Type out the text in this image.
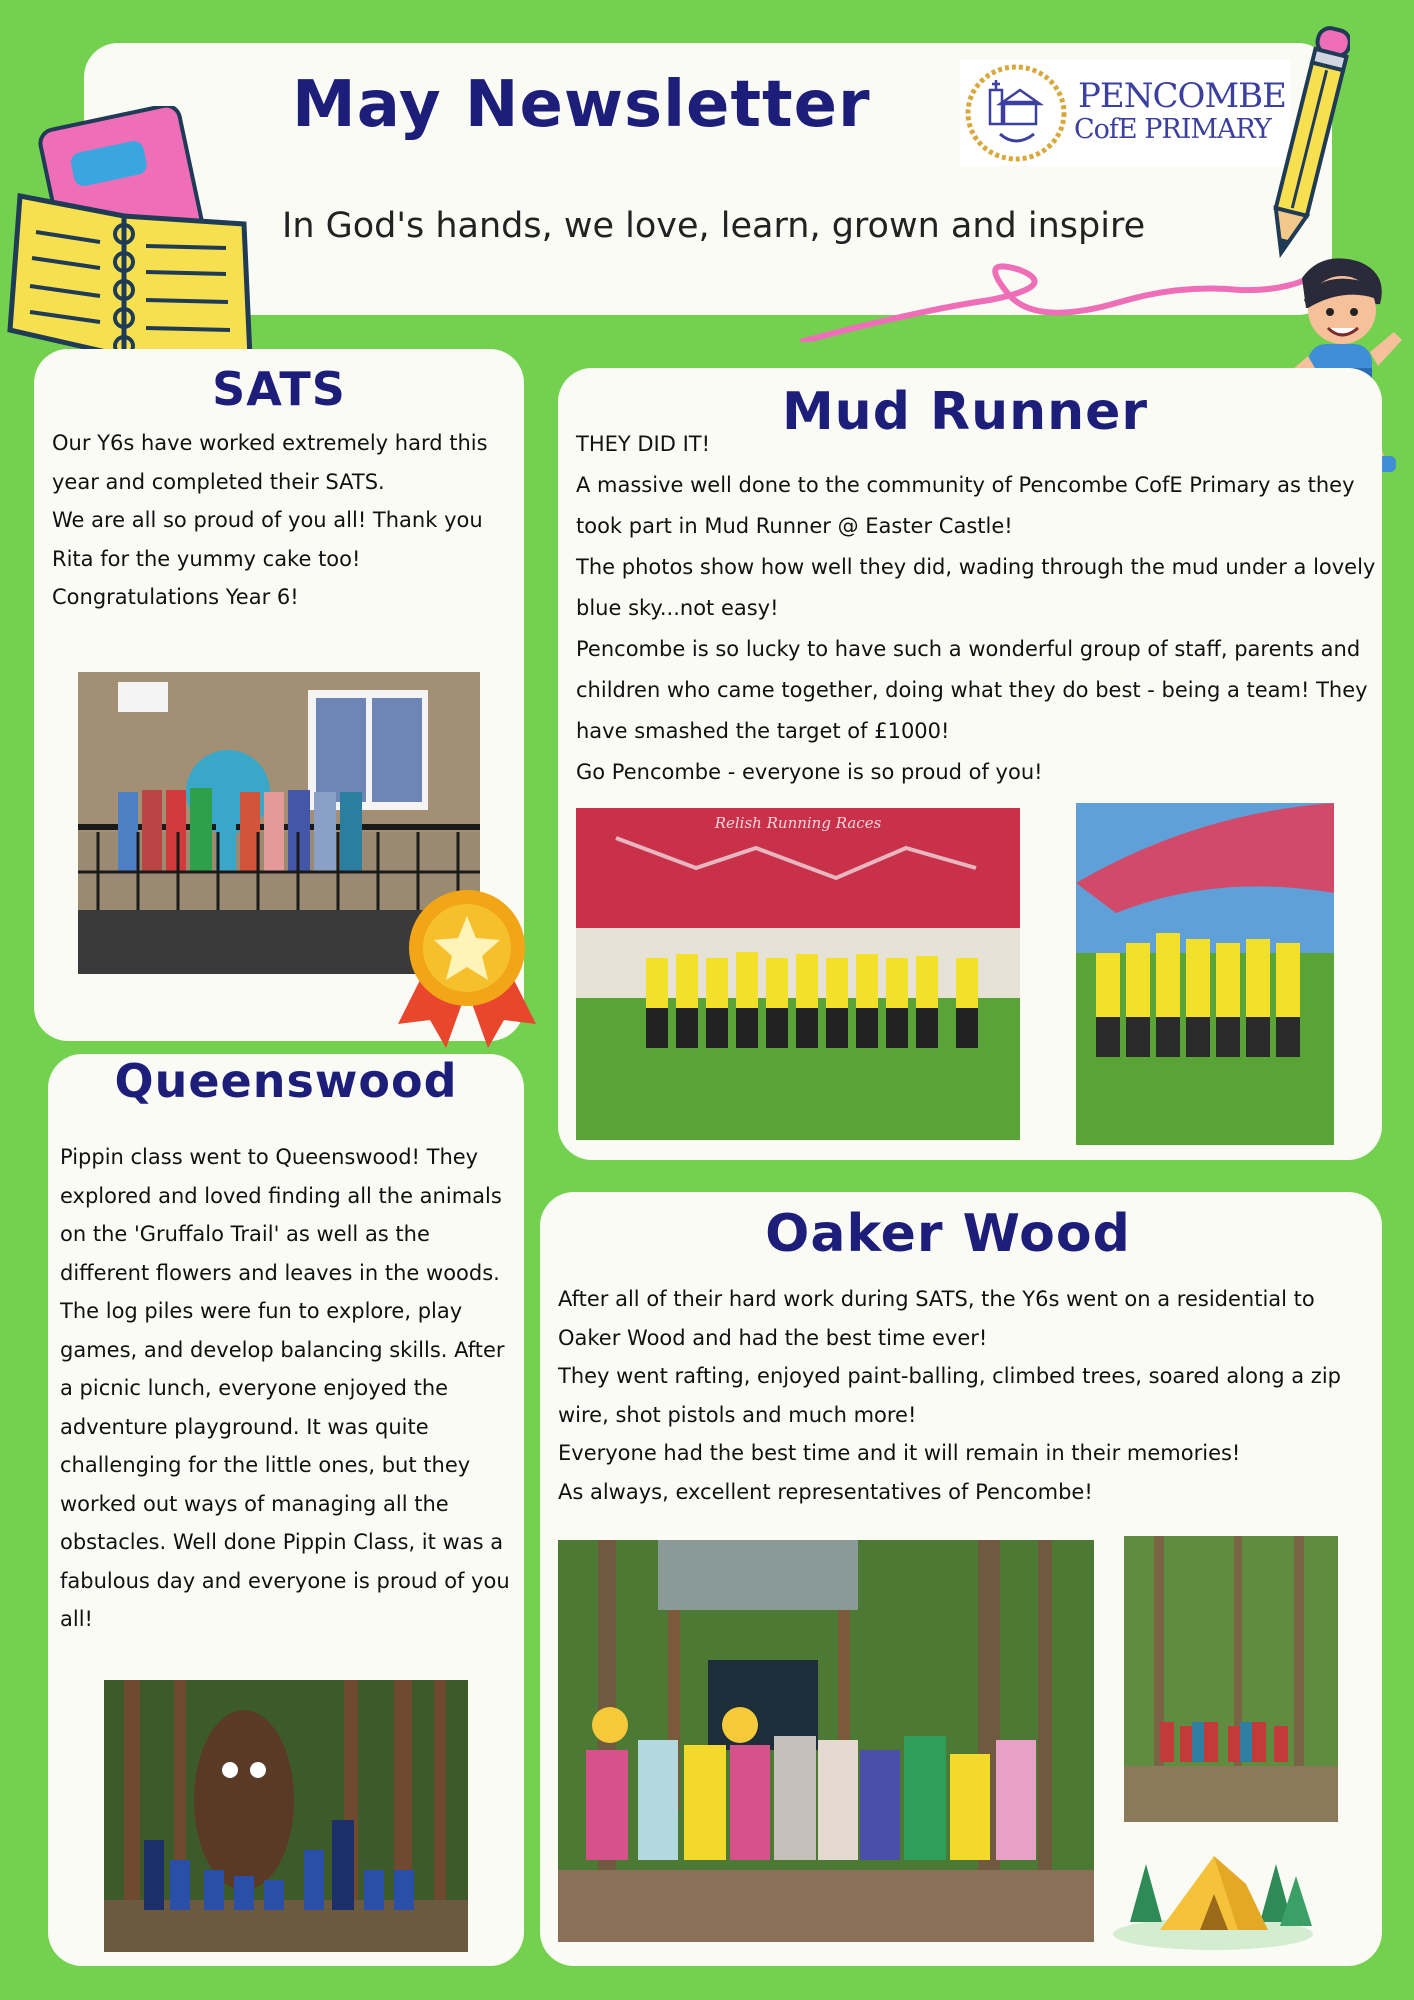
May Newsletter
In God's hands, we love, learn, grown and inspire
PENCOMBE
CofE PRIMARY
SATS

Our Y6s have worked extremely hard this year and completed their SATS.

We are all so proud of you all! Thank you Rita for the yummy cake too!

Congratulations Year 6!

Mud Runner

THEY DID IT!

A massive well done to the community of Pencombe CofE Primary as they took part in Mud Runner @ Easter Castle!

The photos show how well they did, wading through the mud under a lovely blue sky...not easy!

Pencombe is so lucky to have such a wonderful group of staff, parents and children who came together, doing what they do best - being a team! They have smashed the target of £1000!

Go Pencombe - everyone is so proud of you!

Relish Running Races
Queenswood

Pippin class went to Queenswood! They explored and loved finding all the animals on the 'Gruffalo Trail' as well as the different flowers and leaves in the woods. The log piles were fun to explore, play games, and develop balancing skills. After a picnic lunch, everyone enjoyed the adventure playground. It was quite challenging for the little ones, but they worked out ways of managing all the obstacles. Well done Pippin Class, it was a fabulous day and everyone is proud of you all!

Oaker Wood

After all of their hard work during SATS, the Y6s went on a residential to Oaker Wood and had the best time ever!

They went rafting, enjoyed paint-balling, climbed trees, soared along a zip wire, shot pistols and much more!

Everyone had the best time and it will remain in their memories!

As always, excellent representatives of Pencombe!
